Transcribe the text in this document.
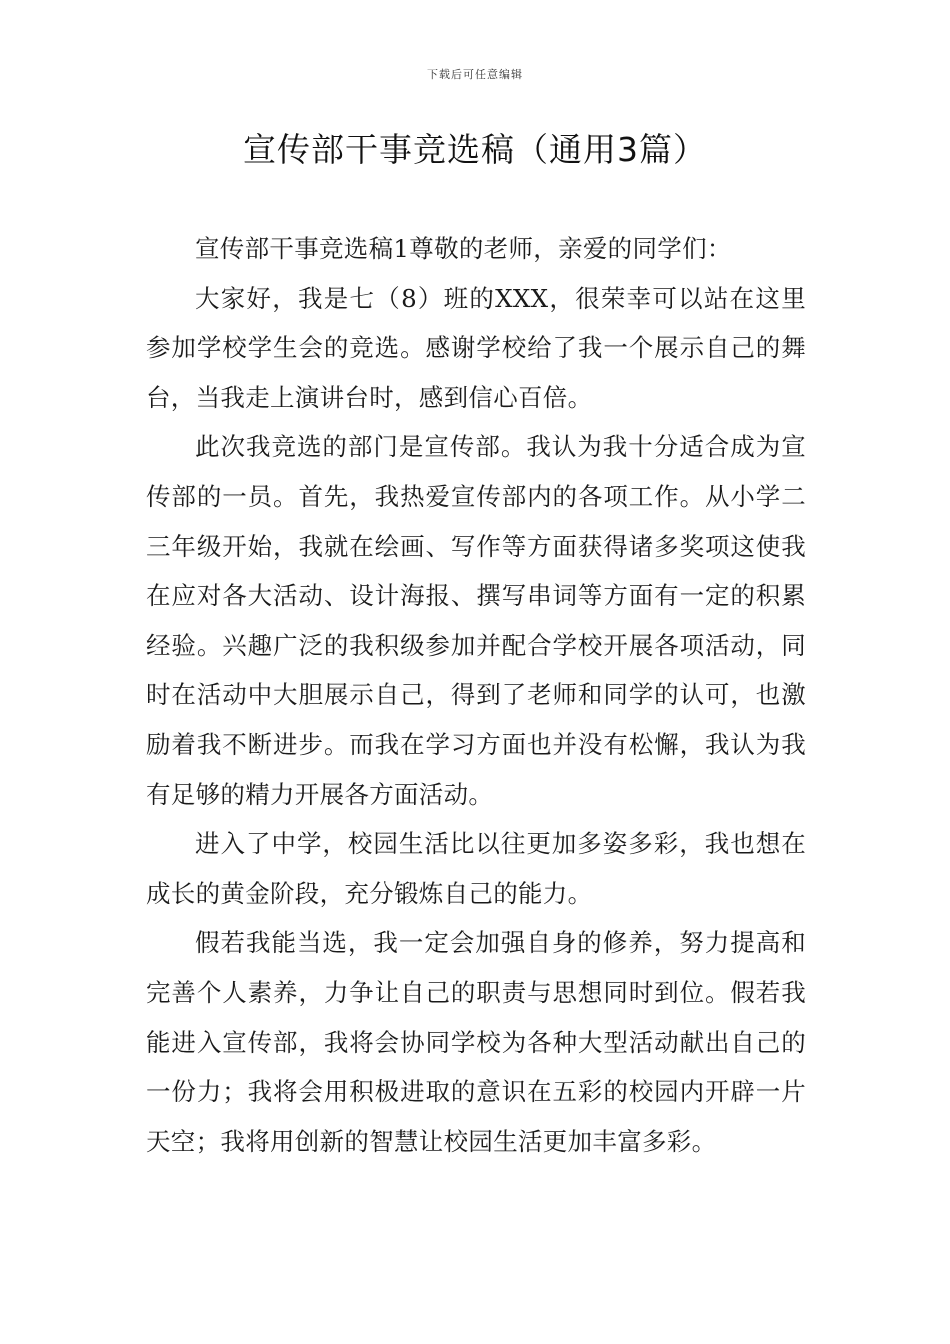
下载后可任意编辑
宣传部干事竞选稿（通用3篇）

宣传部干事竞选稿1尊敬的老师，亲爱的同学们：

大家好，我是七（8）班的XXX，很荣幸可以站在这里参加学校学生会的竞选。感谢学校给了我一个展示自己的舞台，当我走上演讲台时，感到信心百倍。

此次我竞选的部门是宣传部。我认为我十分适合成为宣传部的一员。首先，我热爱宣传部内的各项工作。从小学二三年级开始，我就在绘画、写作等方面获得诸多奖项这使我在应对各大活动、设计海报、撰写串词等方面有一定的积累经验。兴趣广泛的我积级参加并配合学校开展各项活动，同时在活动中大胆展示自己，得到了老师和同学的认可，也激励着我不断进步。而我在学习方面也并没有松懈，我认为我有足够的精力开展各方面活动。

进入了中学，校园生活比以往更加多姿多彩，我也想在成长的黄金阶段，充分锻炼自己的能力。

假若我能当选，我一定会加强自身的修养，努力提高和完善个人素养，力争让自己的职责与思想同时到位。假若我能进入宣传部，我将会协同学校为各种大型活动献出自己的一份力；我将会用积极进取的意识在五彩的校园内开辟一片天空；我将用创新的智慧让校园生活更加丰富多彩。
